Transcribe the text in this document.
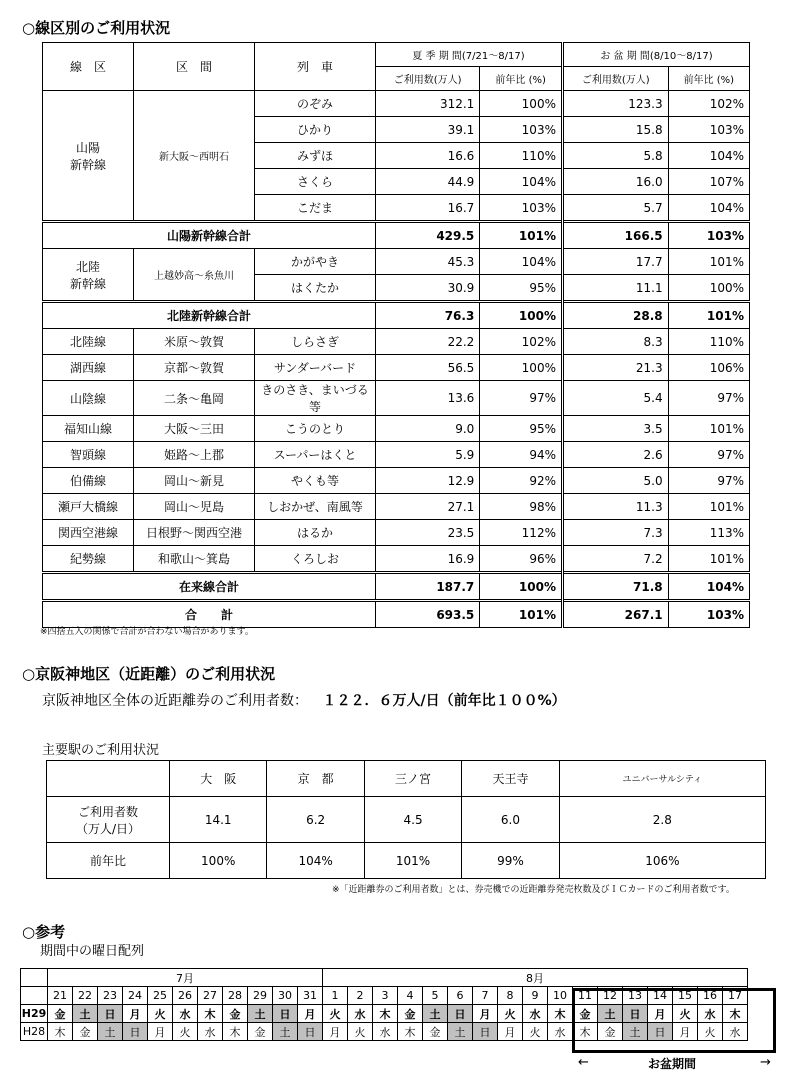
○線区別のご利用状況
線　区	区　間	列　車	夏 季 期 間(7/21〜8/17)		お 盆 期 間(8/10〜8/17)	
			ご利用数(万人)	前年比 (%)	ご利用数(万人)	前年比 (%)
山陽
新幹線	新大阪〜西明石	のぞみ	312.1	100%	123.3	102%
		ひかり	39.1	103%	15.8	103%
		みずほ	16.6	110%	5.8	104%
		さくら	44.9	104%	16.0	107%
		こだま	16.7	103%	5.7	104%
山陽新幹線合計			429.5	101%	166.5	103%
北陸
新幹線	上越妙高〜糸魚川	かがやき	45.3	104%	17.7	101%
		はくたか	30.9	95%	11.1	100%
北陸新幹線合計			76.3	100%	28.8	101%
北陸線	米原〜敦賀	しらさぎ	22.2	102%	8.3	110%
湖西線	京都〜敦賀	サンダーバード	56.5	100%	21.3	106%
山陰線	二条〜亀岡	きのさき、まいづる等	13.6	97%	5.4	97%
福知山線	大阪〜三田	こうのとり	9.0	95%	3.5	101%
智頭線	姫路〜上郡	スーパーはくと	5.9	94%	2.6	97%
伯備線	岡山〜新見	やくも等	12.9	92%	5.0	97%
瀬戸大橋線	岡山〜児島	しおかぜ、南風等	27.1	98%	11.3	101%
関西空港線	日根野〜関西空港	はるか	23.5	112%	7.3	113%
紀勢線	和歌山〜箕島	くろしお	16.9	96%	7.2	101%
在来線合計			187.7	100%	71.8	104%
合　　計			693.5	101%	267.1	103%
※四捨五入の関係で合計が合わない場合があります。
○京阪神地区（近距離）のご利用状況
京阪神地区全体の近距離券のご利用者数： １２２．６万人/日（前年比１００%）
主要駅のご利用状況
	大　阪	京　都	三ノ宮	天王寺	ユニバーサルシティ
ご利用者数
（万人/日）	14.1	6.2	4.5	6.0	2.8
前年比	100%	104%	101%	99%	106%
※「近距離券のご利用者数」とは、券売機での近距離券発売枚数及びＩＣカードのご利用者数です。
○参考
期間中の曜日配列
	7月											8月																
	21	22	23	24	25	26	27	28	29	30	31	1	2	3	4	5	6	7	8	9	10	11	12	13	14	15	16	17
H29	金	土	日	月	火	水	木	金	土	日	月	火	水	木	金	土	日	月	火	水	木	金	土	日	月	火	水	木
H28	木	金	土	日	月	火	水	木	金	土	日	月	火	水	木	金	土	日	月	火	水	木	金	土	日	月	火	水
←	お盆期間	→
